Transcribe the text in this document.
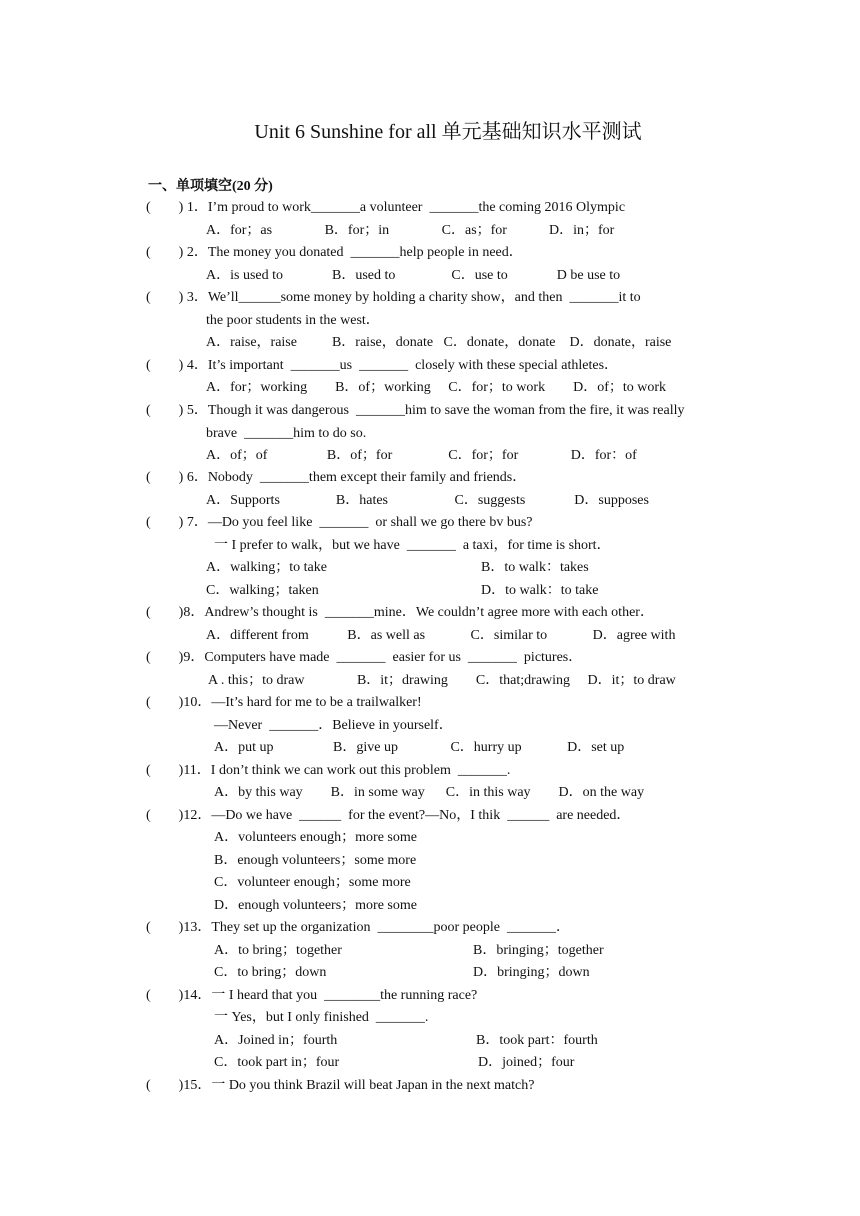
Unit 6 Sunshine for all 单元基础知识水平测试
一、单项填空(20 分)
(        ) 1．I’m proud to work_______a volunteer  _______the coming 2016 Olympic
A．for；as               B．for；in               C．as；for            D．in；for
(        ) 2．The money you donated  _______help people in need．
A．is used to              B．used to                C．use to              D be use to
(        ) 3．We’ll______some money by holding a charity show，and then  _______it to
the poor students in the west．
A．raise，raise          B．raise，donate   C．donate，donate    D．donate，raise
(        ) 4．It’s important  _______us  _______  closely with these special athletes．
A．for；working        B．of；working     C．for；to work        D．of；to work
(        ) 5．Though it was dangerous  _______him to save the woman from the fire, it was really
brave  _______him to do so.
A．of；of                 B．of；for                C．for；for               D．for：of
(        ) 6．Nobody  _______them except their family and friends．
A．Supports                B．hates                   C．suggests              D．supposes
(        ) 7．—Do you feel like  _______  or shall we go there bv bus?
一 I prefer to walk，but we have  _______  a taxi，for time is short．
A．walking；to take	B．to walk：takes
C．walking；taken	D．to walk：to take
(        )8．Andrew’s thought is  _______mine．We couldn’t agree more with each other．
A．different from           B．as well as             C．similar to             D．agree with
(        )9．Computers have made  _______  easier for us  _______  pictures．
A . this；to draw               B．it；drawing        C．that;drawing     D．it；to draw
(        )10．—It’s hard for me to be a trailwalker!
—Never  _______．Believe in yourself．
A．put up                 B．give up               C．hurry up             D．set up
(        )11．I don’t think we can work out this problem  _______.
A．by this way        B．in some way      C．in this way        D．on the way
(        )12．—Do we have  ______  for the event?—No，I thik  ______  are needed．
A．volunteers enough；more some
B．enough volunteers；some more
C．volunteer enough；some more
D．enough volunteers；more some
(        )13．They set up the organization  ________poor people  _______．
A．to bring；together	B．bringing；together
C．to bring；down	D．bringing；down
(        )14．一 I heard that you  ________the running race?
一 Yes，but I only finished  _______.
A．Joined in；fourth	B．took part：fourth
C．took part in；four	D．joined；four
(        )15．一 Do you think Brazil will beat Japan in the next match?
